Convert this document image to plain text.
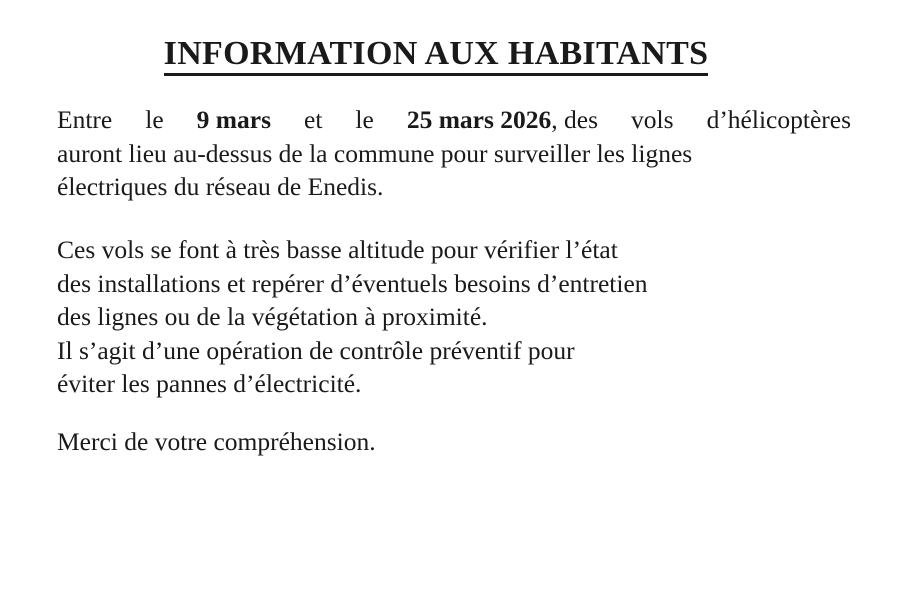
INFORMATION AUX HABITANTS

Entre le 9 mars et le 25 mars 2026, des vols d’hélicoptères
auront lieu au-dessus de la commune pour surveiller les lignes
électriques du réseau de Enedis.

Ces vols se font à très basse altitude pour vérifier l’état
des installations et repérer d’éventuels besoins d’entretien
des lignes ou de la végétation à proximité.
Il s’agit d’une opération de contrôle préventif pour
éviter les pannes d’électricité.

Merci de votre compréhension.
